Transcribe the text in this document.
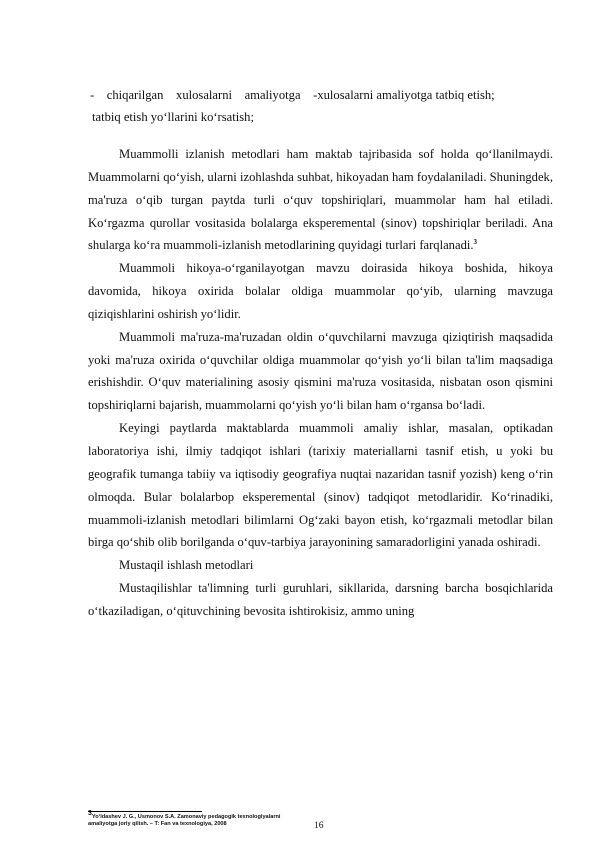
-    chiqarilgan    xulosalarni    amaliyotga    -xulosalarni amaliyotga tatbiq etish;
tatbiq etish yo‘llarini ko‘rsatish;

Muammolli izlanish metodlari ham maktab tajribasida sof holda qo‘llanilmaydi. Muammolarni qo‘yish, ularni izohlashda suhbat, hikoyadan ham foydalaniladi. Shuningdek, ma'ruza o‘qib turgan paytda turli o‘quv topshiriqlari, muammolar ham hal etiladi. Ko‘rgazma qurollar vositasida bolalarga eksperemental (sinov) topshiriqlar beriladi. Ana shularga ko‘ra muammoli-izlanish metodlarining quyidagi turlari farqlanadi.$^3$

Muammoli hikoya-o‘rganilayotgan mavzu doirasida hikoya boshida, hikoya davomida, hikoya oxirida bolalar oldiga muammolar qo‘yib, ularning mavzuga qiziqishlarini oshirish yo‘lidir.

Muammoli ma'ruza-ma'ruzadan oldin o‘quvchilarni mavzuga qiziqtirish maqsadida yoki ma'ruza oxirida o‘quvchilar oldiga muammolar qo‘yish yo‘li bilan ta'lim maqsadiga erishishdir. O‘quv materialining asosiy qismini ma'ruza vositasida, nisbatan oson qismini topshiriqlarni bajarish, muammolarni qo‘yish yo‘li bilan ham o‘rgansa bo‘ladi.

Keyingi paytlarda maktablarda muammoli amaliy ishlar, masalan, optikadan laboratoriya ishi, ilmiy tadqiqot ishlari (tarixiy materiallarni tasnif etish, u yoki bu geografik tumanga tabiiy va iqtisodiy geografiya nuqtai nazaridan tasnif yozish) keng o‘rin olmoqda. Bular bolalarbop eksperemental (sinov) tadqiqot metodlaridir. Ko‘rinadiki, muammoli-izlanish metodlari bilimlarni Og‘zaki bayon etish, ko‘rgazmali metodlar bilan birga qo‘shib olib borilganda o‘quv-tarbiya jarayonining samaradorligini yanada oshiradi.

Mustaqil ishlash metodlari

Mustaqilishlar ta'limning turli guruhlari, sikllarida, darsning barcha bosqichlarida o‘tkaziladigan, o‘qituvchining bevosita ishtirokisiz, ammo uning

$^3$Yo‘ldashev J. G., Usmonov S.A. Zamonaviy pedagogik texnologiyalarni
amaliyotga joriy qilish. – T: Fan va texnologiya, 2008	16
